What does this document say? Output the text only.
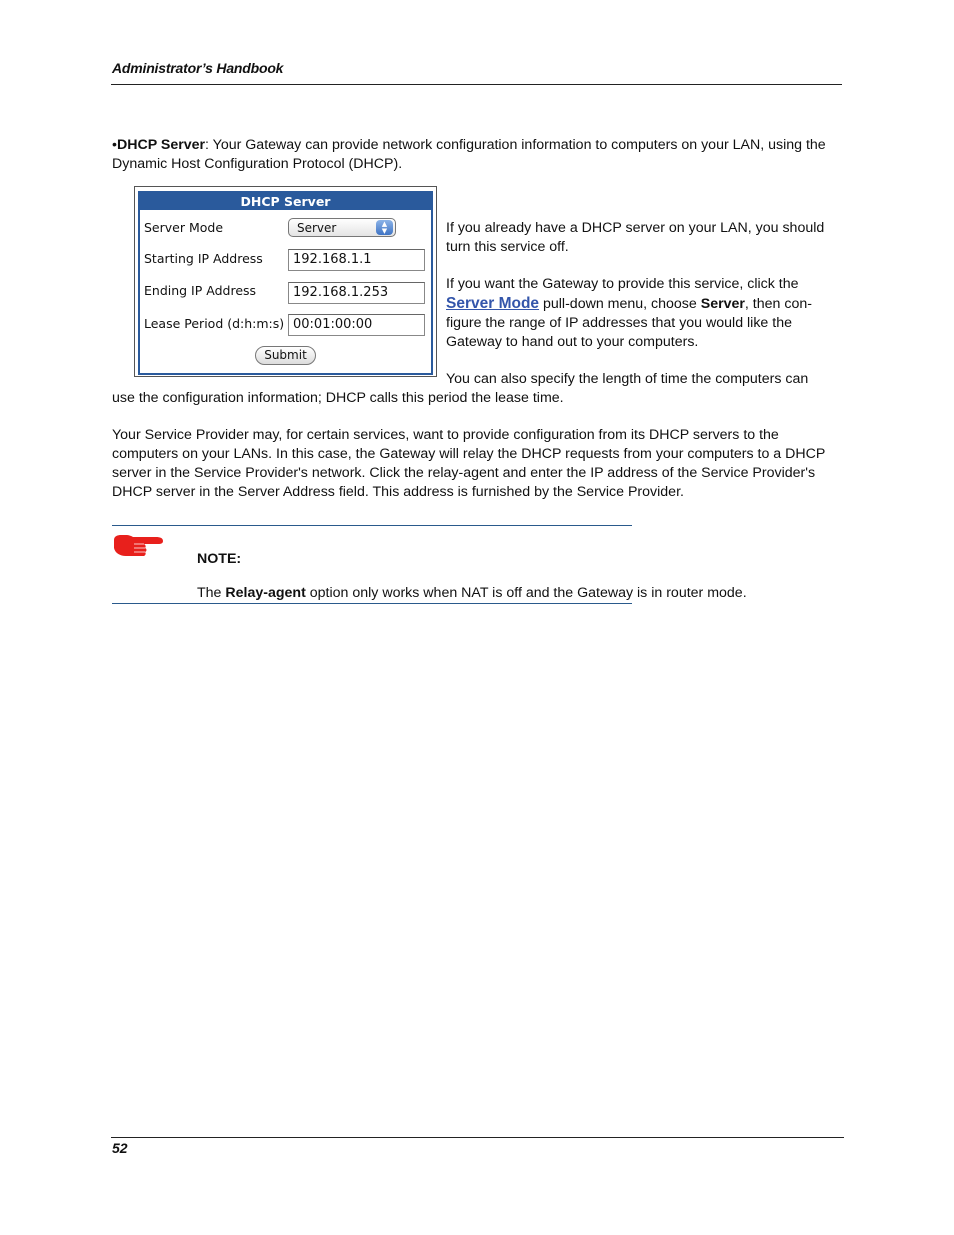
Administrator’s Handbook
•DHCP Server: Your Gateway can provide network configuration information to computers on your LAN, using the Dynamic Host Configuration Protocol (DHCP).
DHCP Server
Server Mode	Server	▲
▼
Starting IP Address	192.168.1.1
Ending IP Address	192.168.1.253
Lease Period (d:h:m:s) 00:01:00:00
Submit
If you already have a DHCP server on your LAN, you should turn this service off.
If you want the Gateway to provide this service, click the Server Mode pull-down menu, choose Server, then con-figure the range of IP addresses that you would like the Gateway to hand out to your computers.
You can also specify the length of time the computers can
use the configuration information; DHCP calls this period the lease time.
Your Service Provider may, for certain services, want to provide configuration from its DHCP servers to the computers on your LANs. In this case, the Gateway will relay the DHCP requests from your computers to a DHCP server in the Service Provider's network. Click the relay-agent and enter the IP address of the Service Provider's DHCP server in the Server Address field. This address is furnished by the Service Provider.
NOTE:
The Relay-agent option only works when NAT is off and the Gateway is in router mode.
52
